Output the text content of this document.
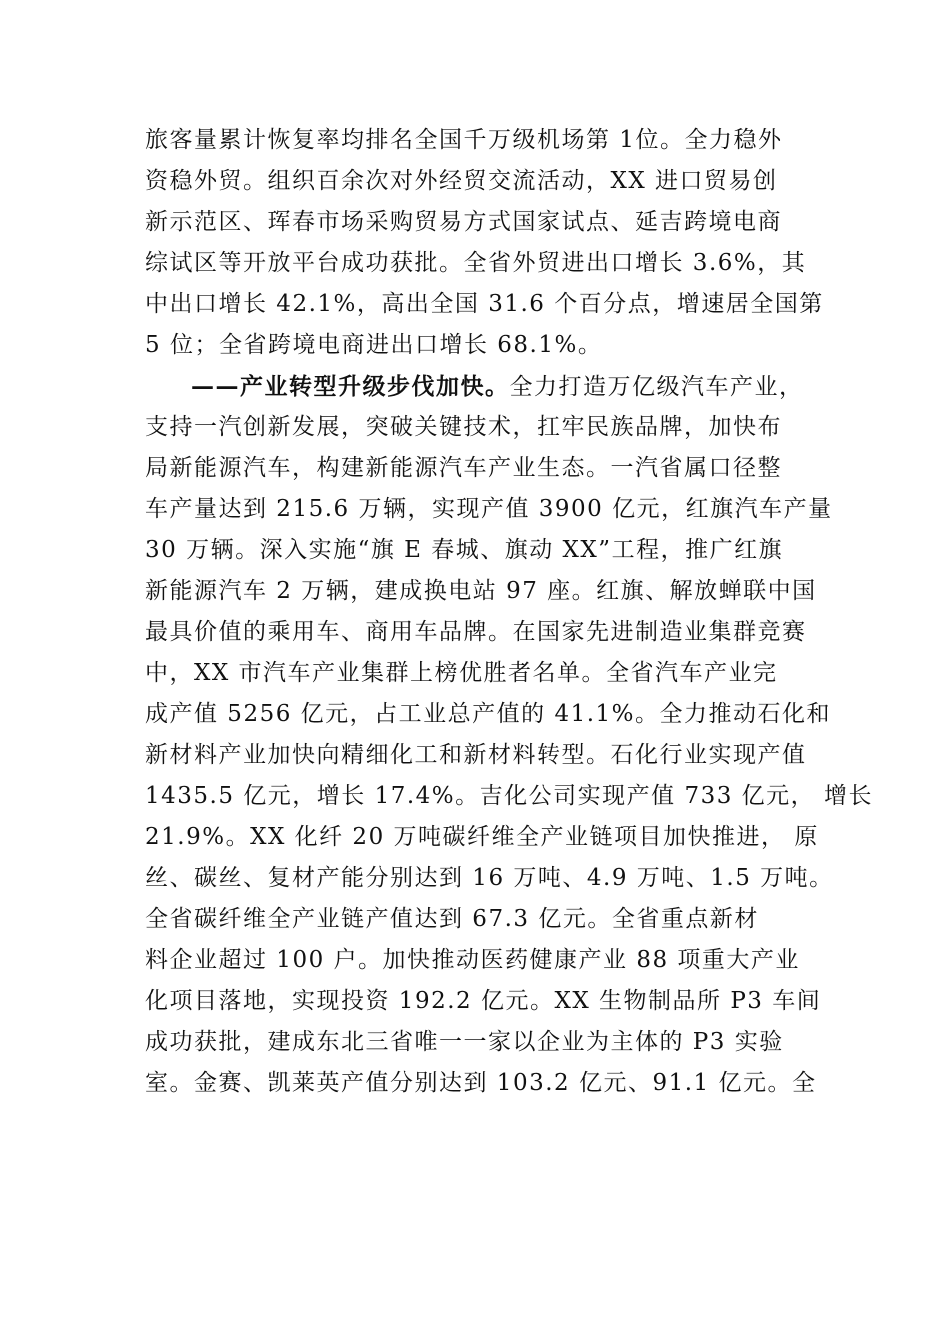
旅客量累计恢复率均排名全国千万级机场第 1位。全力稳外
资稳外贸。组织百余次对外经贸交流活动，XX 进口贸易创
新示范区、珲春市场采购贸易方式国家试点、延吉跨境电商
综试区等开放平台成功获批。全省外贸进出口增长 3.6%，其
中出口增长 42.1%，高出全国 31.6 个百分点，增速居全国第
5 位；全省跨境电商进出口增长 68.1%。
——产业转型升级步伐加快。全力打造万亿级汽车产业，
支持一汽创新发展，突破关键技术，扛牢民族品牌，加快布
局新能源汽车，构建新能源汽车产业生态。一汽省属口径整
车产量达到 215.6 万辆，实现产值 3900 亿元，红旗汽车产量
30 万辆。深入实施“旗 E 春城、旗动 XX”工程，推广红旗
新能源汽车 2 万辆，建成换电站 97 座。红旗、解放蝉联中国
最具价值的乘用车、商用车品牌。在国家先进制造业集群竞赛
中，XX 市汽车产业集群上榜优胜者名单。全省汽车产业完
成产值 5256 亿元，占工业总产值的 41.1%。全力推动石化和
新材料产业加快向精细化工和新材料转型。石化行业实现产值
1435.5 亿元，增长 17.4%。吉化公司实现产值 733 亿元， 增长
21.9%。XX 化纤 20 万吨碳纤维全产业链项目加快推进， 原
丝、碳丝、复材产能分别达到 16 万吨、4.9 万吨、1.5 万吨。
全省碳纤维全产业链产值达到 67.3 亿元。全省重点新材
料企业超过 100 户。加快推动医药健康产业 88 项重大产业
化项目落地，实现投资 192.2 亿元。XX 生物制品所 P3 车间
成功获批，建成东北三省唯一一家以企业为主体的 P3 实验
室。金赛、凯莱英产值分别达到 103.2 亿元、91.1 亿元。全
